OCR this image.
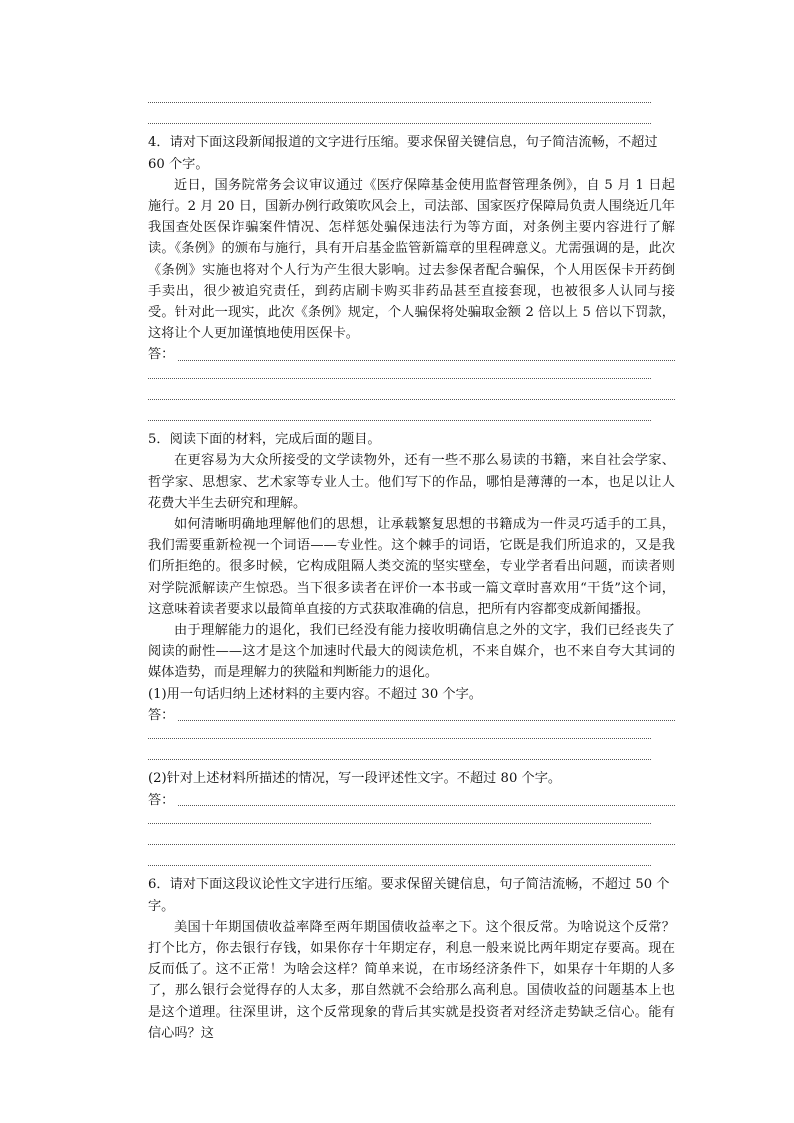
4．请对下面这段新闻报道的文字进行压缩。要求保留关键信息，句子简洁流畅，不超过 60 个字。

近日，国务院常务会议审议通过《医疗保障基金使用监督管理条例》，自 5 月 1 日起施行。2 月 20 日，国新办例行政策吹风会上，司法部、国家医疗保障局负责人围绕近几年我国查处医保诈骗案件情况、怎样惩处骗保违法行为等方面，对条例主要内容进行了解读。《条例》的颁布与施行，具有开启基金监管新篇章的里程碑意义。尤需强调的是，此次《条例》实施也将对个人行为产生很大影响。过去参保者配合骗保，个人用医保卡开药倒手卖出，很少被追究责任，到药店刷卡购买非药品甚至直接套现，也被很多人认同与接受。针对此一现实，此次《条例》规定，个人骗保将处骗取金额 2 倍以上 5 倍以下罚款，这将让个人更加谨慎地使用医保卡。

答：

5．阅读下面的材料，完成后面的题目。

在更容易为大众所接受的文学读物外，还有一些不那么易读的书籍，来自社会学家、哲学家、思想家、艺术家等专业人士。他们写下的作品，哪怕是薄薄的一本，也足以让人花费大半生去研究和理解。

如何清晰明确地理解他们的思想，让承载繁复思想的书籍成为一件灵巧适手的工具，我们需要重新检视一个词语——专业性。这个棘手的词语，它既是我们所追求的，又是我们所拒绝的。很多时候，它构成阻隔人类交流的坚实壁垒，专业学者看出问题，而读者则对学院派解读产生惊恐。当下很多读者在评价一本书或一篇文章时喜欢用“干货”这个词，这意味着读者要求以最简单直接的方式获取准确的信息，把所有内容都变成新闻播报。

由于理解能力的退化，我们已经没有能力接收明确信息之外的文字，我们已经丧失了阅读的耐性——这才是这个加速时代最大的阅读危机，不来自媒介，也不来自夸大其词的媒体造势，而是理解力的狭隘和判断能力的退化。

(1)用一句话归纳上述材料的主要内容。不超过 30 个字。

答：

(2)针对上述材料所描述的情况，写一段评述性文字。不超过 80 个字。

答：

6．请对下面这段议论性文字进行压缩。要求保留关键信息，句子简洁流畅，不超过 50 个字。

美国十年期国债收益率降至两年期国债收益率之下。这个很反常。为啥说这个反常？打个比方，你去银行存钱，如果你存十年期定存，利息一般来说比两年期定存要高。现在反而低了。这不正常！为啥会这样？简单来说，在市场经济条件下，如果存十年期的人多了，那么银行会觉得存的人太多，那自然就不会给那么高利息。国债收益的问题基本上也是这个道理。往深里讲，这个反常现象的背后其实就是投资者对经济走势缺乏信心。能有信心吗？这
